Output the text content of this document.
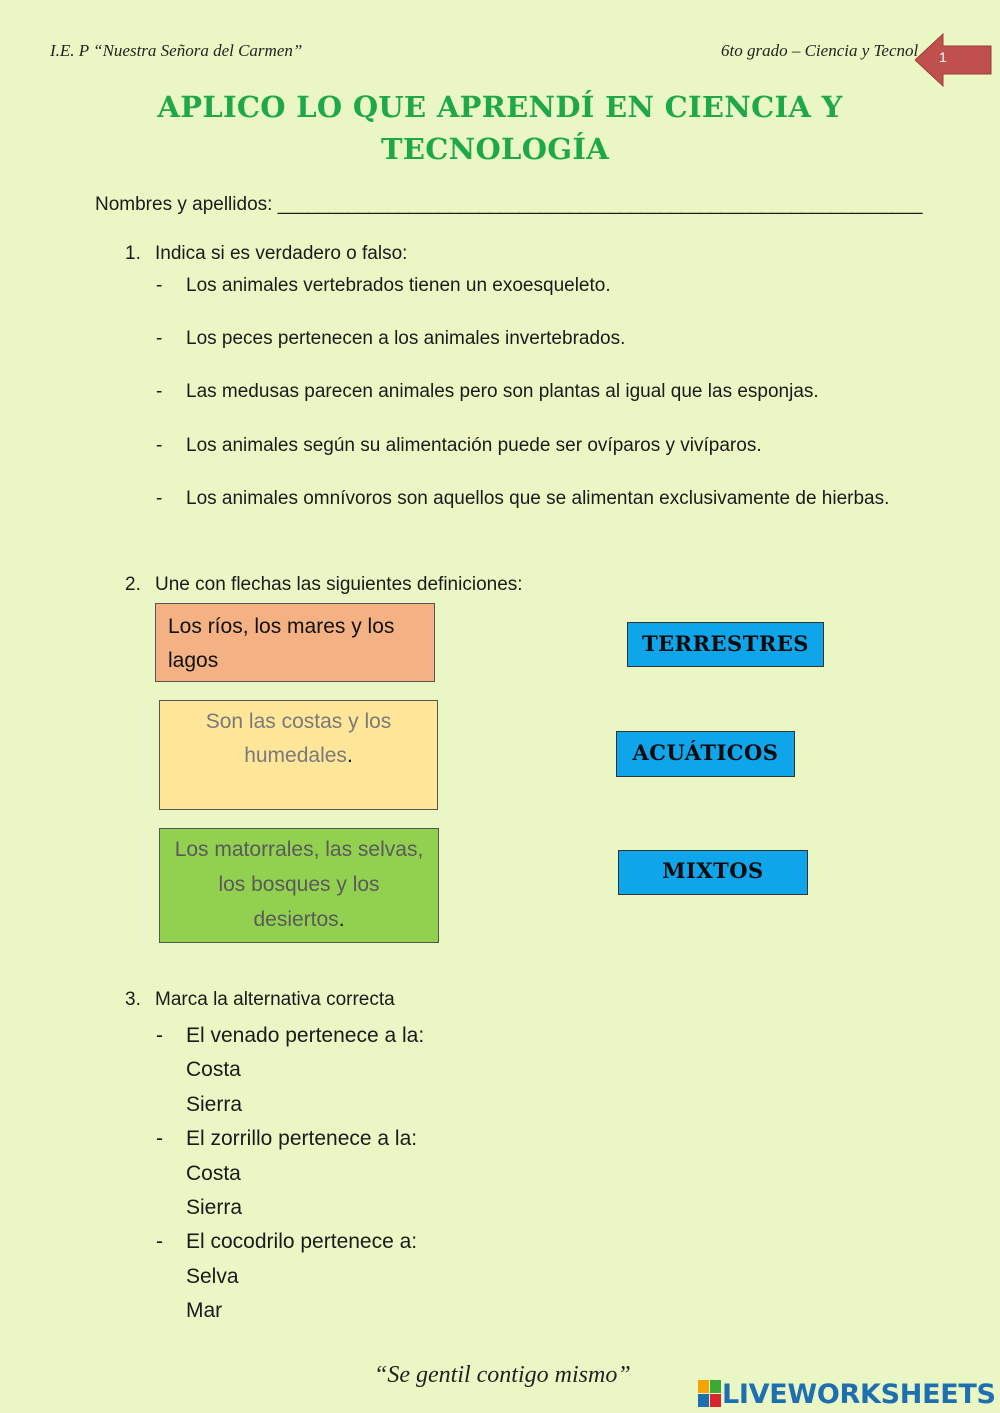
I.E. P “Nuestra Señora del Carmen”	6to grado – Ciencia y Tecnol 1
APLICO LO QUE APRENDÍ EN CIENCIA Y
TECNOLOGÍA
Nombres y apellidos: ________________________________________________________________
1. Indica si es verdadero o falso:
- Los animales vertebrados tienen un exoesqueleto.
- Los peces pertenecen a los animales invertebrados.
- Las medusas parecen animales pero son plantas al igual que las esponjas.
- Los animales según su alimentación puede ser ovíparos y vivíparos.
- Los animales omnívoros son aquellos que se alimentan exclusivamente de hierbas.
2. Une con flechas las siguientes definiciones:
Los ríos, los mares y los
lagos
Son las costas y los
humedales.
Los matorrales, las selvas,
los bosques y los
desiertos.
TERRESTRES
ACUÁTICOS
MIXTOS
3. Marca la alternativa correcta
- El venado pertenece a la:
Costa
Sierra
- El zorrillo pertenece a la:
Costa
Sierra
- El cocodrilo pertenece a:
Selva
Mar
“Se gentil contigo mismo”
LIVEWORKSHEETS
